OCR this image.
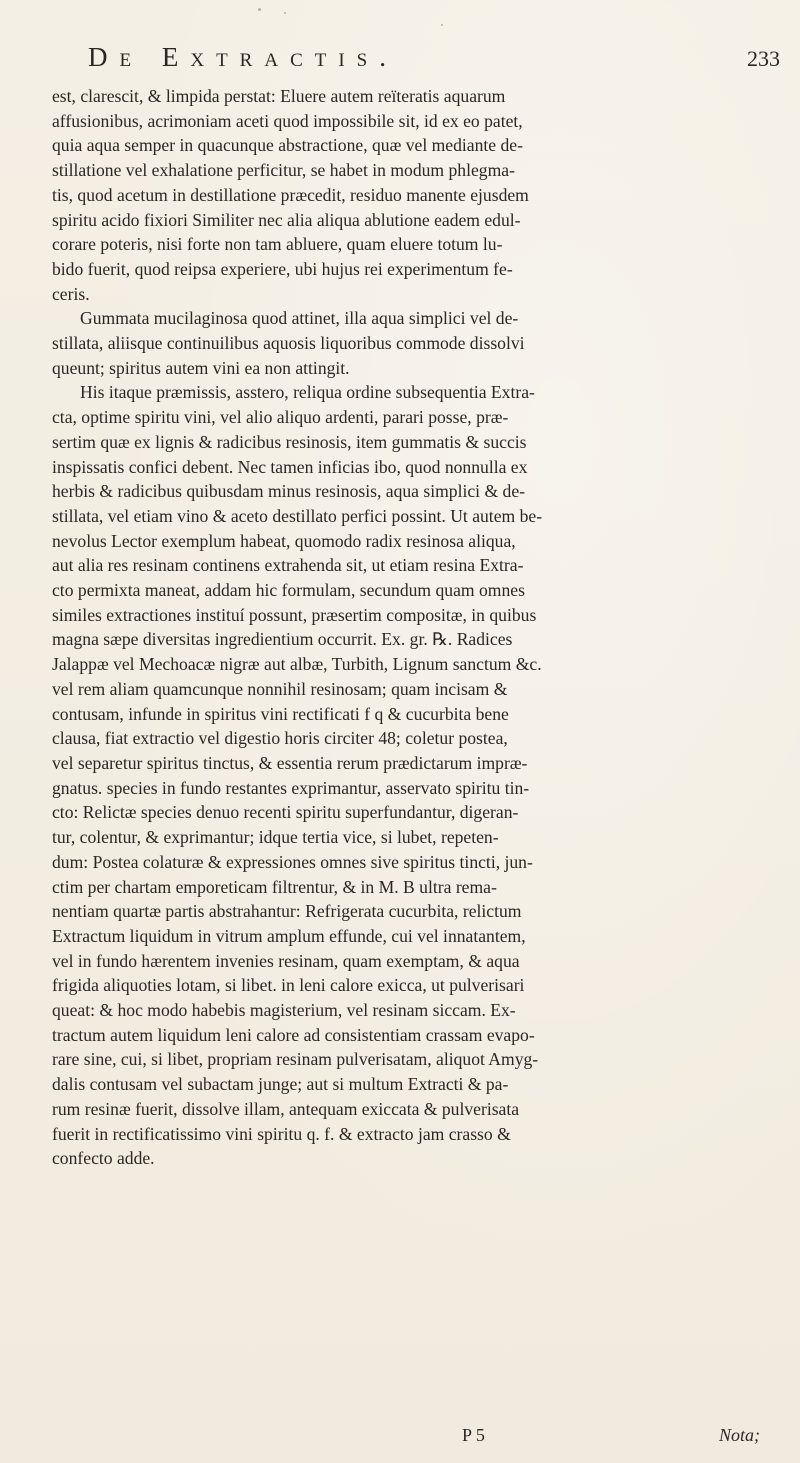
De Extractis.	233
est, clarescit, & limpida perstat: Eluere autem reïteratis aquarum
affusionibus, acrimoniam aceti quod impossibile sit, id ex eo patet,
quia aqua semper in quacunque abstractione, quæ vel mediante de-
stillatione vel exhalatione perficitur, se habet in modum phlegma-
tis, quod acetum in destillatione præcedit, residuo manente ejusdem
spiritu acido fixiori Similiter nec alia aliqua ablutione eadem edul-
corare poteris, nisi forte non tam abluere, quam eluere totum lu-
bido fuerit, quod reipsa experiere, ubi hujus rei experimentum fe-
ceris.
Gummata mucilaginosa quod attinet, illa aqua simplici vel de-
stillata, aliisque continuilibus aquosis liquoribus commode dissolvi
queunt; spiritus autem vini ea non attingit.
His itaque præmissis, asstero, reliqua ordine subsequentia Extra-
cta, optime spiritu vini, vel alio aliquo ardenti, parari posse, præ-
sertim quæ ex lignis & radicibus resinosis, item gummatis & succis
inspissatis confici debent. Nec tamen inficias ibo, quod nonnulla ex
herbis & radicibus quibusdam minus resinosis, aqua simplici & de-
stillata, vel etiam vino & aceto destillato perfici possint. Ut autem be-
nevolus Lector exemplum habeat, quomodo radix resinosa aliqua,
aut alia res resinam continens extrahenda sit, ut etiam resina Extra-
cto permixta maneat, addam hic formulam, secundum quam omnes
similes extractiones instituí possunt, præsertim compositæ, in quibus
magna sæpe diversitas ingredientium occurrit. Ex. gr. ℞. Radices
Jalappæ vel Mechoacæ nigræ aut albæ, Turbith, Lignum sanctum &c.
vel rem aliam quamcunque nonnihil resinosam; quam incisam &
contusam, infunde in spiritus vini rectificati f q & cucurbita bene
clausa, fiat extractio vel digestio horis circiter 48; coletur postea,
vel separetur spiritus tinctus, & essentia rerum prædictarum impræ-
gnatus. species in fundo restantes exprimantur, asservato spiritu tin-
cto: Relictæ species denuo recenti spiritu superfundantur, digeran-
tur, colentur, & exprimantur; idque tertia vice, si lubet, repeten-
dum: Postea colaturæ & expressiones omnes sive spiritus tincti, jun-
ctim per chartam emporeticam filtrentur, & in M. B ultra rema-
nentiam quartæ partis abstrahantur: Refrigerata cucurbita, relictum
Extractum liquidum in vitrum amplum effunde, cui vel innatantem,
vel in fundo hærentem invenies resinam, quam exemptam, & aqua
frigida aliquoties lotam, si libet. in leni calore exicca, ut pulverisari
queat: & hoc modo habebis magisterium, vel resinam siccam. Ex-
tractum autem liquidum leni calore ad consistentiam crassam evapo-
rare sine, cui, si libet, propriam resinam pulverisatam, aliquot Amyg-
dalis contusam vel subactam junge; aut si multum Extracti & pa-
rum resinæ fuerit, dissolve illam, antequam exiccata & pulverisata
fuerit in rectificatissimo vini spiritu q. f. & extracto jam crasso &
confecto adde.
P 5	Nota;
